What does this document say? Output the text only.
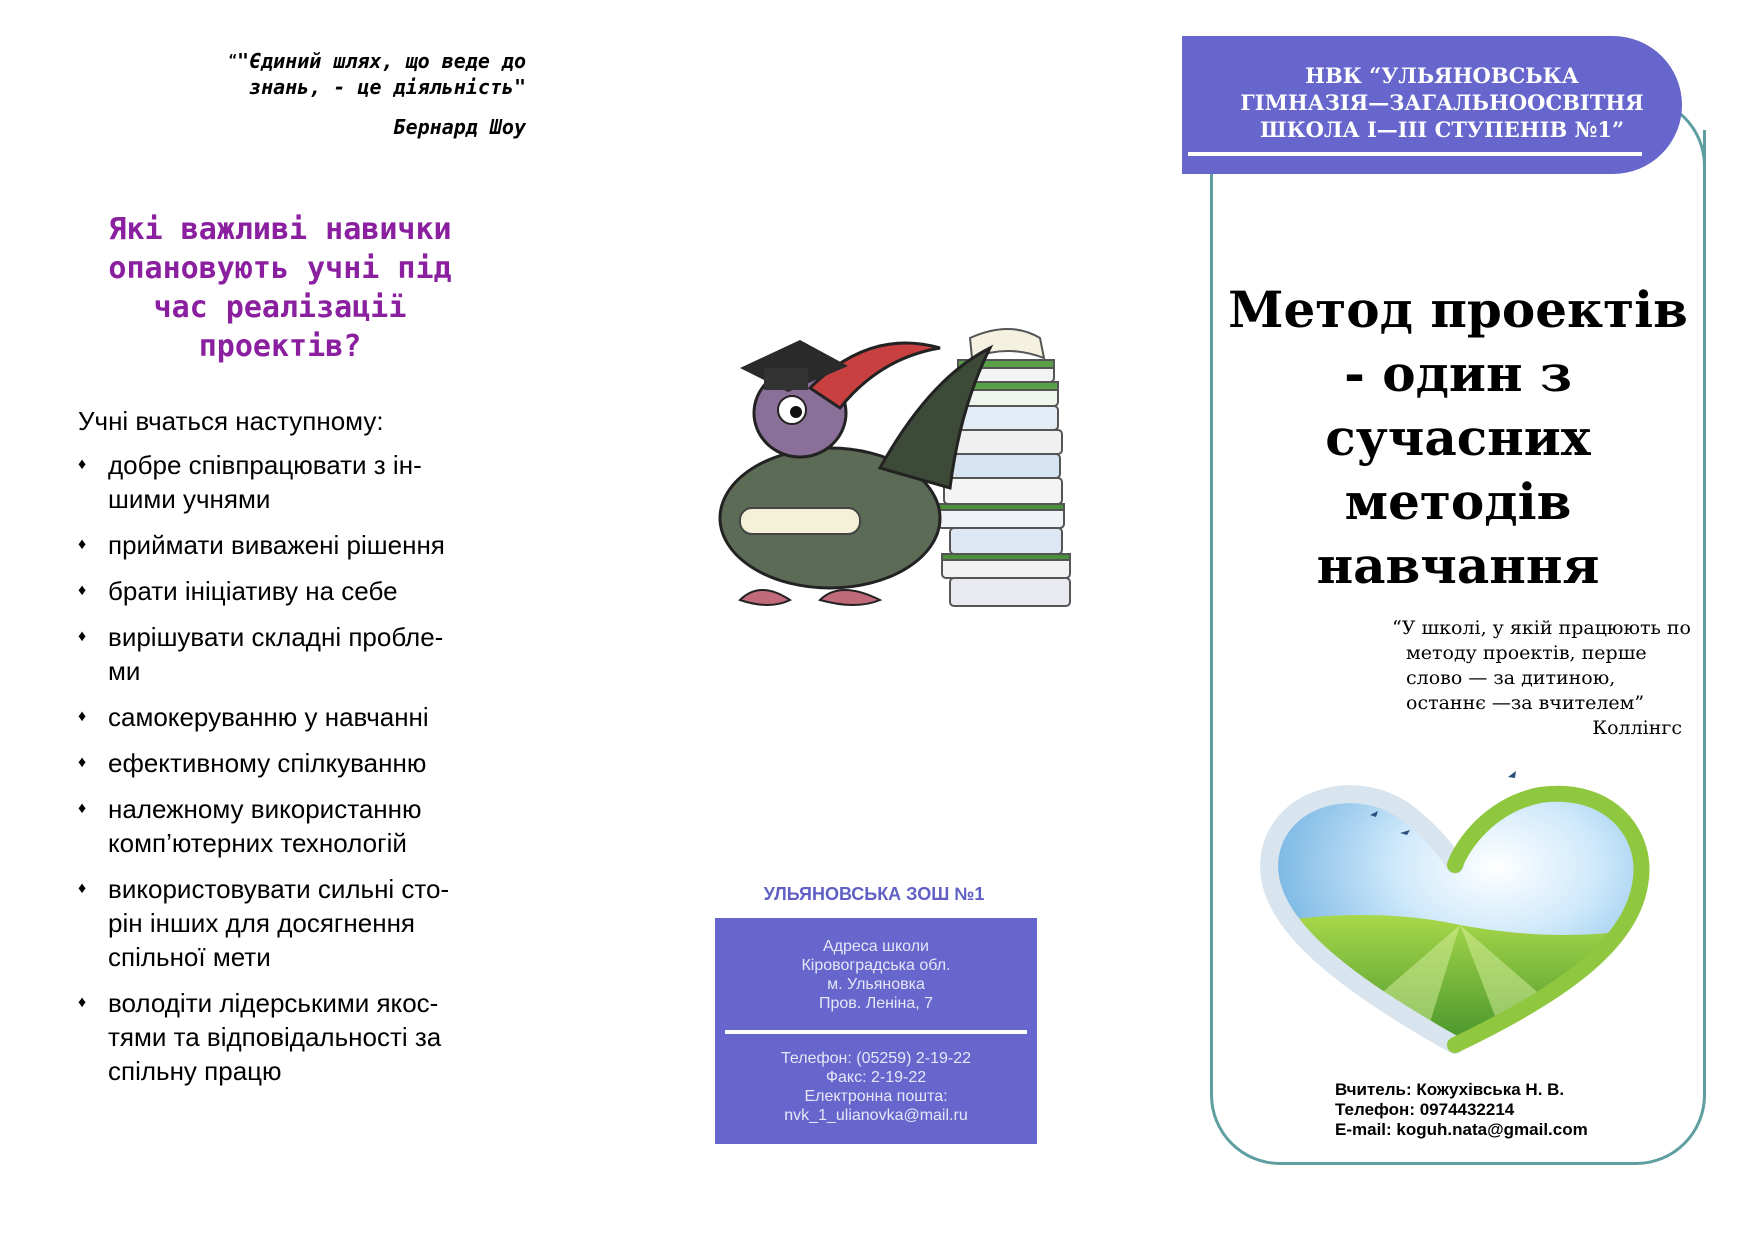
“"Єдиний шлях, що веде до
знань, - це діяльність"
Бернард Шоу
Які важливі навички
опановують учні під
час реалізації
проектів?
Учні вчаться наступному:
♦ добре співпрацювати з ін-
шими учнями
♦ приймати виважені рішення
♦ брати ініціативу на себе
♦ вирішувати складні пробле-
ми
♦ самокеруванню у навчанні
♦ ефективному спілкуванню
♦ належному використанню
комп’ютерних технологій
♦ використовувати сильні сто-
рін інших для досягнення
спільної мети
♦ володіти лідерськими якос-
тями та відповідальності за
спільну працю
УЛЬЯНОВСЬКА ЗОШ №1
Адреса школи
Кіровоградська обл.
м. Ульяновка
Пров. Леніна, 7
Телефон: (05259) 2-19-22
Факс: 2-19-22
Електронна пошта:
nvk_1_ulianovka@mail.ru
НВК “УЛЬЯНОВСЬКА
ГІМНАЗІЯ—ЗАГАЛЬНООСВІТНЯ
ШКОЛА І—ІІІ СТУПЕНІВ №1”
Метод проектів
- один з сучасних
методів
навчання
“У школі, у якій працюють по
методу проектів, перше
слово — за дитиною,
останнє —за вчителем”
Коллінгс
Вчитель: Кожухівська Н. В.
Телефон: 0974432214
E-mail: koguh.nata@gmail.com
